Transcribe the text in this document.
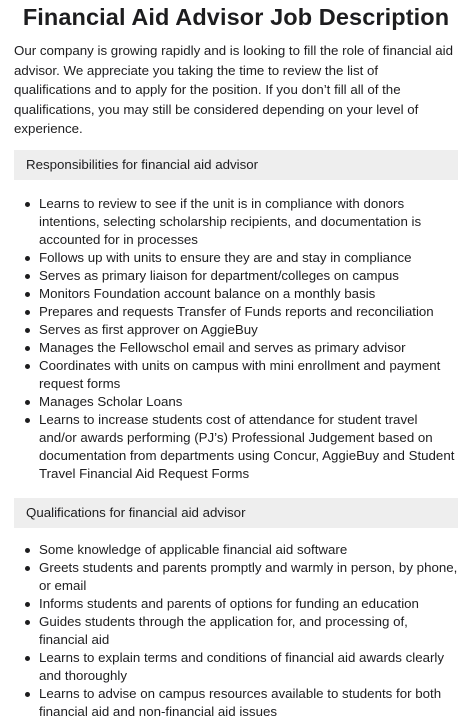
Financial Aid Advisor Job Description

Our company is growing rapidly and is looking to fill the role of financial aid advisor. We appreciate you taking the time to review the list of qualifications and to apply for the position. If you don’t fill all of the qualifications, you may still be considered depending on your level of experience.

Responsibilities for financial aid advisor
Learns to review to see if the unit is in compliance with donors intentions, selecting scholarship recipients, and documentation is accounted for in processes
Follows up with units to ensure they are and stay in compliance
Serves as primary liaison for department/colleges on campus
Monitors Foundation account balance on a monthly basis
Prepares and requests Transfer of Funds reports and reconciliation
Serves as first approver on AggieBuy
Manages the Fellowschol email and serves as primary advisor
Coordinates with units on campus with mini enrollment and payment request forms
Manages Scholar Loans
Learns to increase students cost of attendance for student travel and/or awards performing (PJ’s) Professional Judgement based on documentation from departments using Concur, AggieBuy and Student Travel Financial Aid Request Forms
Qualifications for financial aid advisor
Some knowledge of applicable financial aid software
Greets students and parents promptly and warmly in person, by phone, or email
Informs students and parents of options for funding an education
Guides students through the application for, and processing of, financial aid
Learns to explain terms and conditions of financial aid awards clearly and thoroughly
Learns to advise on campus resources available to students for both financial aid and non-financial aid issues
